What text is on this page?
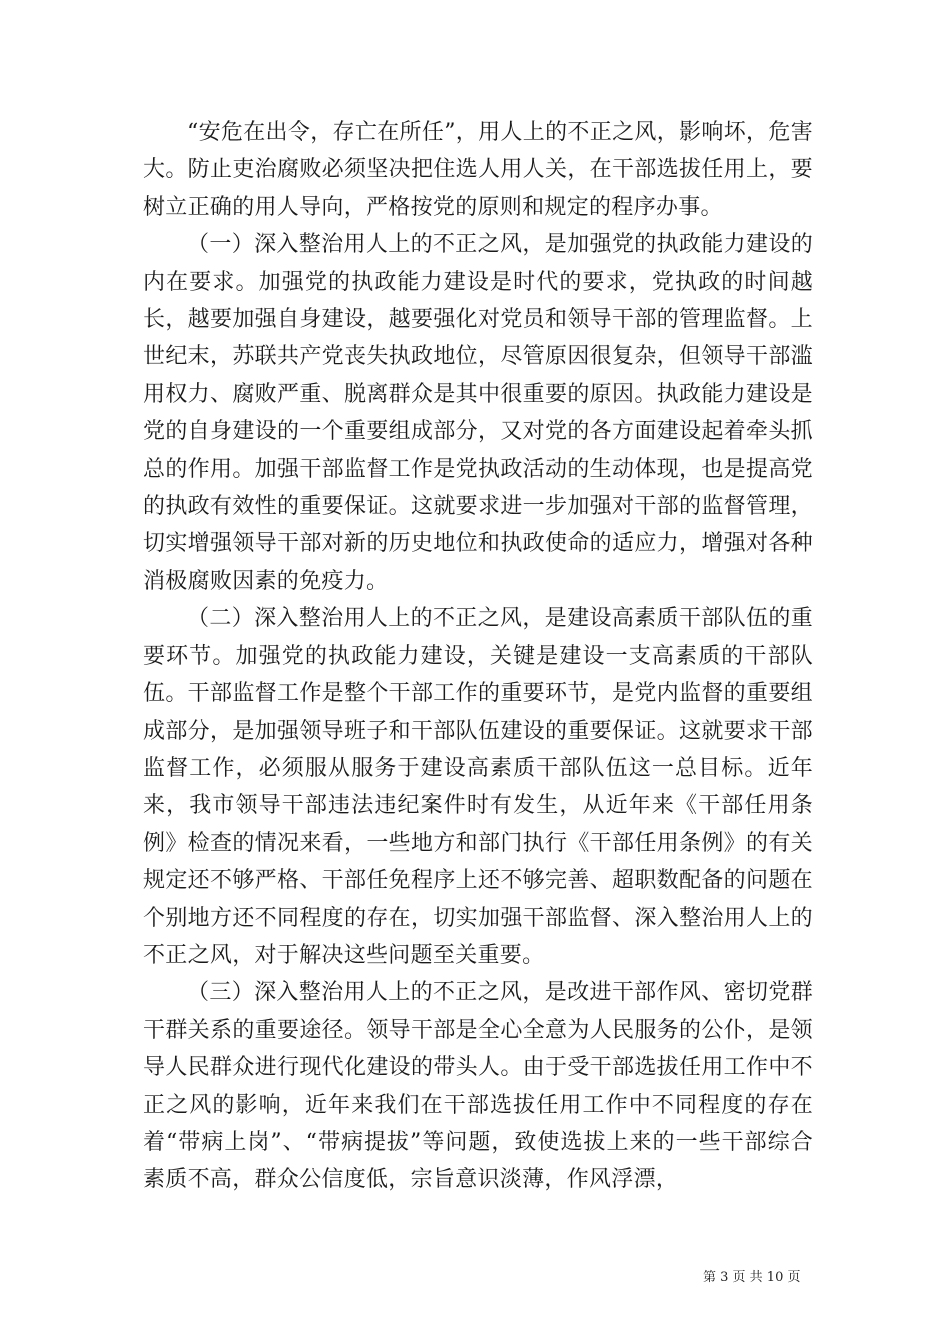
“安危在出令，存亡在所任”，用人上的不正之风，影响坏，危害大。防止吏治腐败必须坚决把住选人用人关，在干部选拔任用上，要树立正确的用人导向，严格按党的原则和规定的程序办事。

（一）深入整治用人上的不正之风，是加强党的执政能力建设的内在要求。加强党的执政能力建设是时代的要求，党执政的时间越长，越要加强自身建设，越要强化对党员和领导干部的管理监督。上世纪末，苏联共产党丧失执政地位，尽管原因很复杂，但领导干部滥用权力、腐败严重、脱离群众是其中很重要的原因。执政能力建设是党的自身建设的一个重要组成部分，又对党的各方面建设起着牵头抓总的作用。加强干部监督工作是党执政活动的生动体现，也是提高党的执政有效性的重要保证。这就要求进一步加强对干部的监督管理，切实增强领导干部对新的历史地位和执政使命的适应力，增强对各种消极腐败因素的免疫力。

（二）深入整治用人上的不正之风，是建设高素质干部队伍的重要环节。加强党的执政能力建设，关键是建设一支高素质的干部队伍。干部监督工作是整个干部工作的重要环节，是党内监督的重要组成部分，是加强领导班子和干部队伍建设的重要保证。这就要求干部监督工作，必须服从服务于建设高素质干部队伍这一总目标。近年来，我市领导干部违法违纪案件时有发生，从近年来《干部任用条例》检查的情况来看，一些地方和部门执行《干部任用条例》的有关规定还不够严格、干部任免程序上还不够完善、超职数配备的问题在个别地方还不同程度的存在，切实加强干部监督、深入整治用人上的不正之风，对于解决这些问题至关重要。

（三）深入整治用人上的不正之风，是改进干部作风、密切党群干群关系的重要途径。领导干部是全心全意为人民服务的公仆，是领导人民群众进行现代化建设的带头人。由于受干部选拔任用工作中不正之风的影响，近年来我们在干部选拔任用工作中不同程度的存在着“带病上岗”、“带病提拔”等问题，致使选拔上来的一些干部综合素质不高，群众公信度低，宗旨意识淡薄，作风浮漂，

第 3 页 共 10 页
